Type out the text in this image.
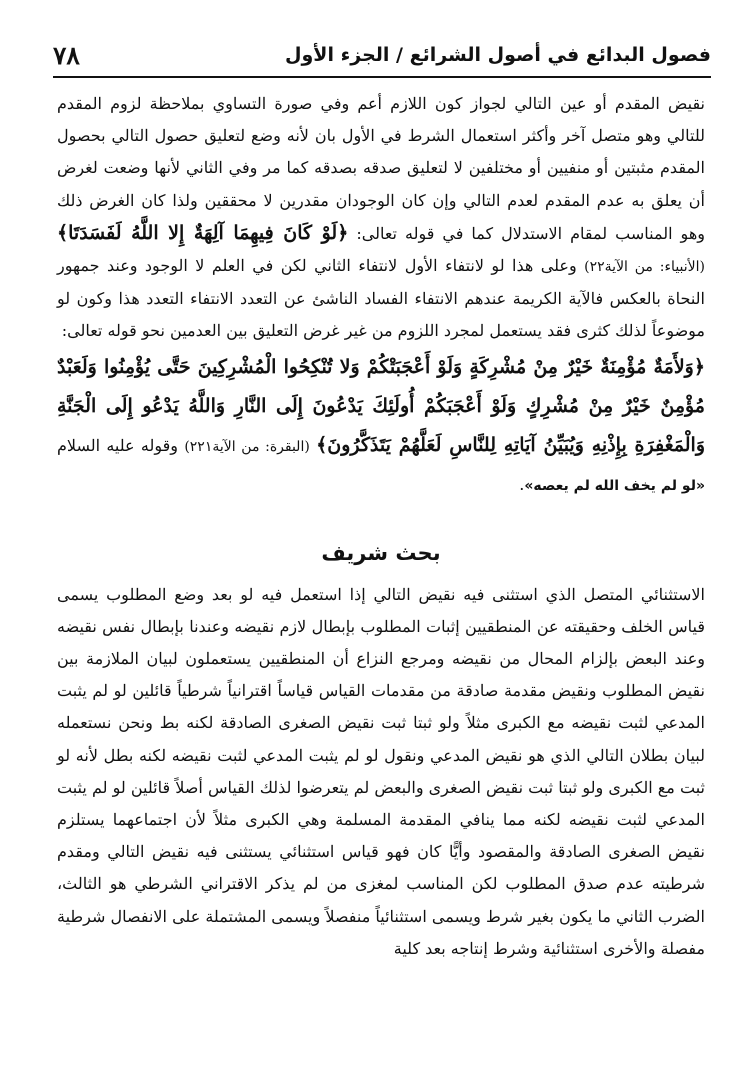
فصول البدائع في أصول الشرائع / الجزء الأول
٧٨

نقيض المقدم أو عين التالي لجواز كون اللازم أعم وفي صورة التساوي بملاحظة لزوم المقدم للتالي وهو متصل آخر وأكثر استعمال الشرط في الأول بان لأنه وضع لتعليق حصول التالي بحصول المقدم مثبتين أو منفيين أو مختلفين لا لتعليق صدقه بصدقه كما مر وفي الثاني لأنها وضعت لغرض أن يعلق به عدم المقدم لعدم التالي وإن كان الوجودان مقدرين لا محققين ولذا كان الغرض ذلك وهو المناسب لمقام الاستدلال كما في قوله تعالى: ﴿لَوْ كَانَ فِيهِمَا آلِهَةٌ إِلا اللَّهُ لَفَسَدَتَا﴾ (الأنبياء: من الآية٢٢) وعلى هذا لو لانتفاء الأول لانتفاء الثاني لكن في العلم لا الوجود وعند جمهور النحاة بالعكس فالآية الكريمة عندهم الانتفاء الفساد الناشئ عن التعدد الانتفاء التعدد هذا وكون لو موضوعاً لذلك كثرى فقد يستعمل لمجرد اللزوم من غير غرض التعليق بين العدمين نحو قوله تعالى:

﴿وَلأَمَةٌ مُؤْمِنَةٌ خَيْرٌ مِنْ مُشْرِكَةٍ وَلَوْ أَعْجَبَتْكُمْ وَلا تُنْكِحُوا الْمُشْرِكِينَ حَتَّى يُؤْمِنُوا وَلَعَبْدٌ مُؤْمِنٌ خَيْرٌ مِنْ مُشْرِكٍ وَلَوْ أَعْجَبَكُمْ أُولَئِكَ يَدْعُونَ إِلَى النَّارِ وَاللَّهُ يَدْعُو إِلَى الْجَنَّةِ وَالْمَغْفِرَةِ بِإِذْنِهِ وَيُبَيِّنُ آيَاتِهِ لِلنَّاسِ لَعَلَّهُمْ يَتَذَكَّرُونَ﴾ (البقرة: من الآية٢٢١) وقوله عليه السلام «لو لم يخف الله لم يعصه».

بحث شريف

الاستثنائي المتصل الذي استثنى فيه نقيض التالي إذا استعمل فيه لو بعد وضع المطلوب يسمى قياس الخلف وحقيقته عن المنطقيين إثبات المطلوب بإبطال لازم نقيضه وعندنا بإبطال نفس نقيضه وعند البعض بإلزام المحال من نقيضه ومرجع النزاع أن المنطقيين يستعملون لبيان الملازمة بين نقيض المطلوب ونقيض مقدمة صادقة من مقدمات القياس قياساً اقترانياً شرطياً قائلين لو لم يثبت المدعي لثبت نقيضه مع الكبرى مثلاً ولو ثبتا ثبت نقيض الصغرى الصادقة لكنه بط ونحن نستعمله لبيان بطلان التالي الذي هو نقيض المدعي ونقول لو لم يثبت المدعي لثبت نقيضه لكنه بطل لأنه لو ثبت مع الكبرى ولو ثبتا ثبت نقيض الصغرى والبعض لم يتعرضوا لذلك القياس أصلاً قائلين لو لم يثبت المدعي لثبت نقيضه لكنه مما ينافي المقدمة المسلمة وهي الكبرى مثلاً لأن اجتماعهما يستلزم نقيض الصغرى الصادقة والمقصود وأيًّا كان فهو قياس استثنائي يستثنى فيه نقيض التالي ومقدم شرطيته عدم صدق المطلوب لكن المناسب لمغزى من لم يذكر الاقتراني الشرطي هو الثالث، الضرب الثاني ما يكون بغير شرط ويسمى استثنائياً منفصلاً ويسمى المشتملة على الانفصال شرطية مفصلة والأخرى استثنائية وشرط إنتاجه بعد كلية
